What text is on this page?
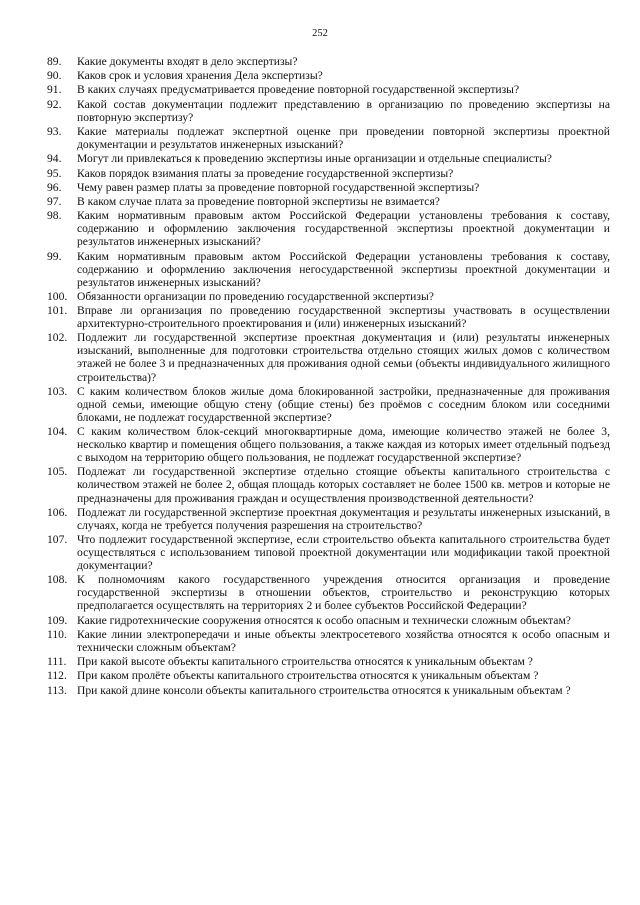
252
89.	Какие документы входят в дело экспертизы?
90.	Каков срок и условия хранения Дела экспертизы?
91.	В каких случаях предусматривается проведение повторной государственной экспертизы?
92.	Какой состав документации подлежит представлению в организацию по проведению экспертизы на повторную экспертизу?
93.	Какие материалы подлежат экспертной оценке при проведении повторной экспертизы проектной документации и результатов инженерных изысканий?
94.	Могут ли привлекаться к проведению экспертизы иные организации и отдельные специалисты?
95.	Каков порядок взимания платы за проведение государственной экспертизы?
96.	Чему равен размер платы за проведение повторной государственной экспертизы?
97.	В каком случае плата за проведение повторной экспертизы не взимается?
98.	Каким нормативным правовым актом Российской Федерации установлены требования к составу, содержанию и оформлению заключения государственной экспертизы проектной документации и результатов инженерных изысканий?
99.	Каким нормативным правовым актом Российской Федерации установлены требования к составу, содержанию и оформлению заключения негосударственной экспертизы проектной документации и результатов инженерных изысканий?
100. Обязанности организации по проведению государственной экспертизы?
101. Вправе ли организация по проведению государственной экспертизы участвовать в осуществлении архитектурно-строительного проектирования и (или) инженерных изысканий?
102. Подлежит ли государственной экспертизе проектная документация и (или) результаты инженерных изысканий, выполненные для подготовки строительства отдельно стоящих жилых домов с количеством этажей не более 3 и предназначенных для проживания одной семьи (объекты индивидуального жилищного строительства)?
103. С каким количеством блоков жилые дома блокированной застройки, предназначенные для проживания одной семьи, имеющие общую стену (общие стены) без проёмов с соседним блоком или соседними блоками, не подлежат государственной экспертизе?
104. С каким количеством блок-секций многоквартирные дома, имеющие количество этажей не более 3, несколько квартир и помещения общего пользования, а также каждая из которых имеет отдельный подъезд с выходом на территорию общего пользования, не подлежат государственной экспертизе?
105. Подлежат ли государственной экспертизе отдельно стоящие объекты капитального строительства с количеством этажей не более 2, общая площадь которых составляет не более 1500 кв. метров и которые не предназначены для проживания граждан и осуществления производственной деятельности?
106. Подлежат ли государственной экспертизе проектная документация и результаты инженерных изысканий, в случаях, когда не требуется получения разрешения на строительство?
107. Что подлежит государственной экспертизе, если строительство объекта капитального строительства будет осуществляться с использованием типовой проектной документации или модификации такой проектной документации?
108. К полномочиям какого государственного учреждения относится организация и проведение государственной экспертизы в отношении объектов, строительство и реконструкцию которых предполагается осуществлять на территориях 2 и более субъектов Российской Федерации?
109. Какие гидротехнические сооружения относятся к особо опасным и технически сложным объектам?
110. Какие линии электропередачи и иные объекты электросетевого хозяйства относятся к особо опасным и технически сложным объектам?
111. При какой высоте объекты капитального строительства относятся к уникальным объектам ?
112. При каком пролёте объекты капитального строительства относятся к уникальным объектам ?
113. При какой длине консоли объекты капитального строительства относятся к уникальным объектам ?
